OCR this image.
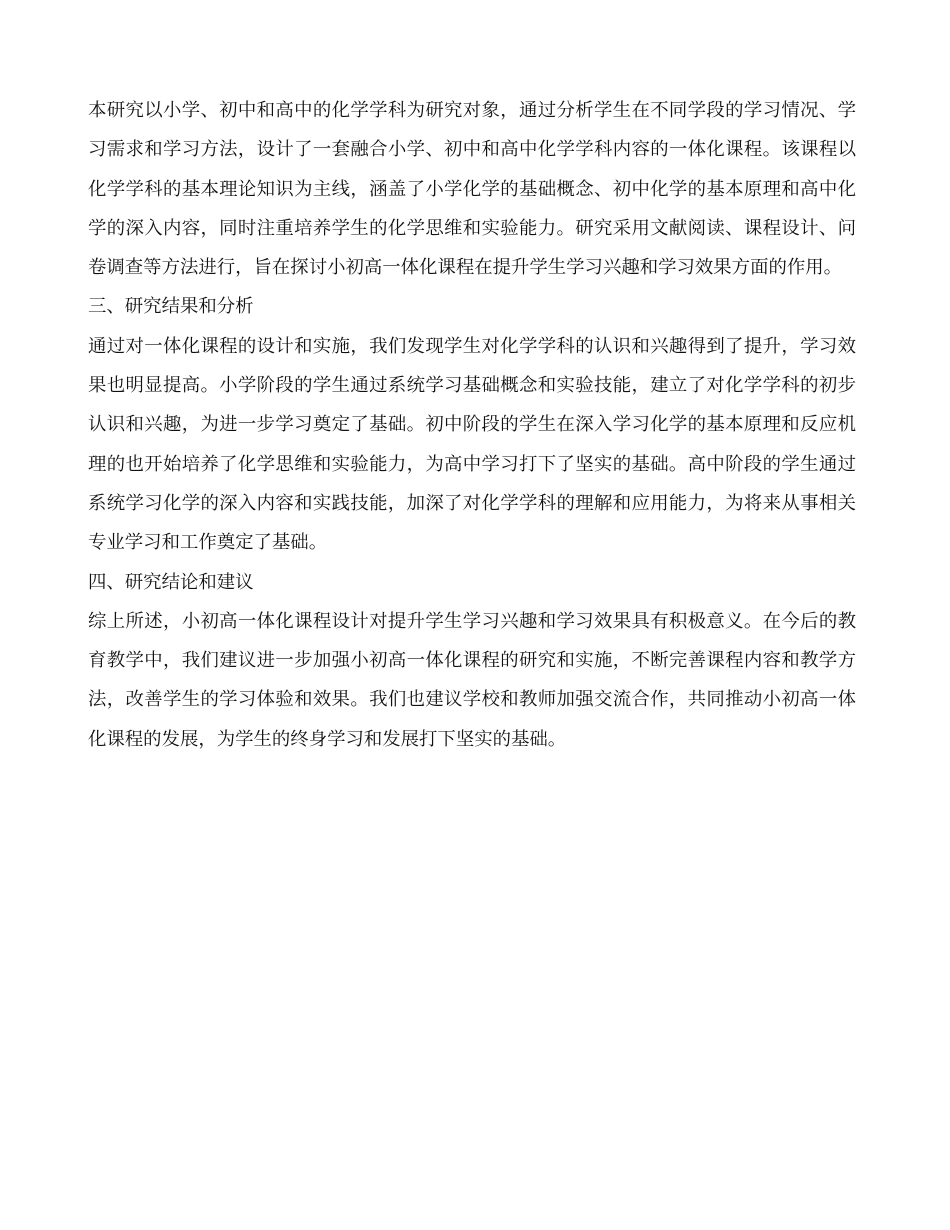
本研究以小学、初中和高中的化学学科为研究对象，通过分析学生在不同学段的学习情况、学习需求和学习方法，设计了一套融合小学、初中和高中化学学科内容的一体化课程。该课程以化学学科的基本理论知识为主线，涵盖了小学化学的基础概念、初中化学的基本原理和高中化学的深入内容，同时注重培养学生的化学思维和实验能力。研究采用文献阅读、课程设计、问卷调查等方法进行，旨在探讨小初高一体化课程在提升学生学习兴趣和学习效果方面的作用。

三、研究结果和分析

通过对一体化课程的设计和实施，我们发现学生对化学学科的认识和兴趣得到了提升，学习效果也明显提高。小学阶段的学生通过系统学习基础概念和实验技能，建立了对化学学科的初步认识和兴趣，为进一步学习奠定了基础。初中阶段的学生在深入学习化学的基本原理和反应机理的也开始培养了化学思维和实验能力，为高中学习打下了坚实的基础。高中阶段的学生通过系统学习化学的深入内容和实践技能，加深了对化学学科的理解和应用能力，为将来从事相关专业学习和工作奠定了基础。

四、研究结论和建议

综上所述，小初高一体化课程设计对提升学生学习兴趣和学习效果具有积极意义。在今后的教育教学中，我们建议进一步加强小初高一体化课程的研究和实施，不断完善课程内容和教学方法，改善学生的学习体验和效果。我们也建议学校和教师加强交流合作，共同推动小初高一体化课程的发展，为学生的终身学习和发展打下坚实的基础。
